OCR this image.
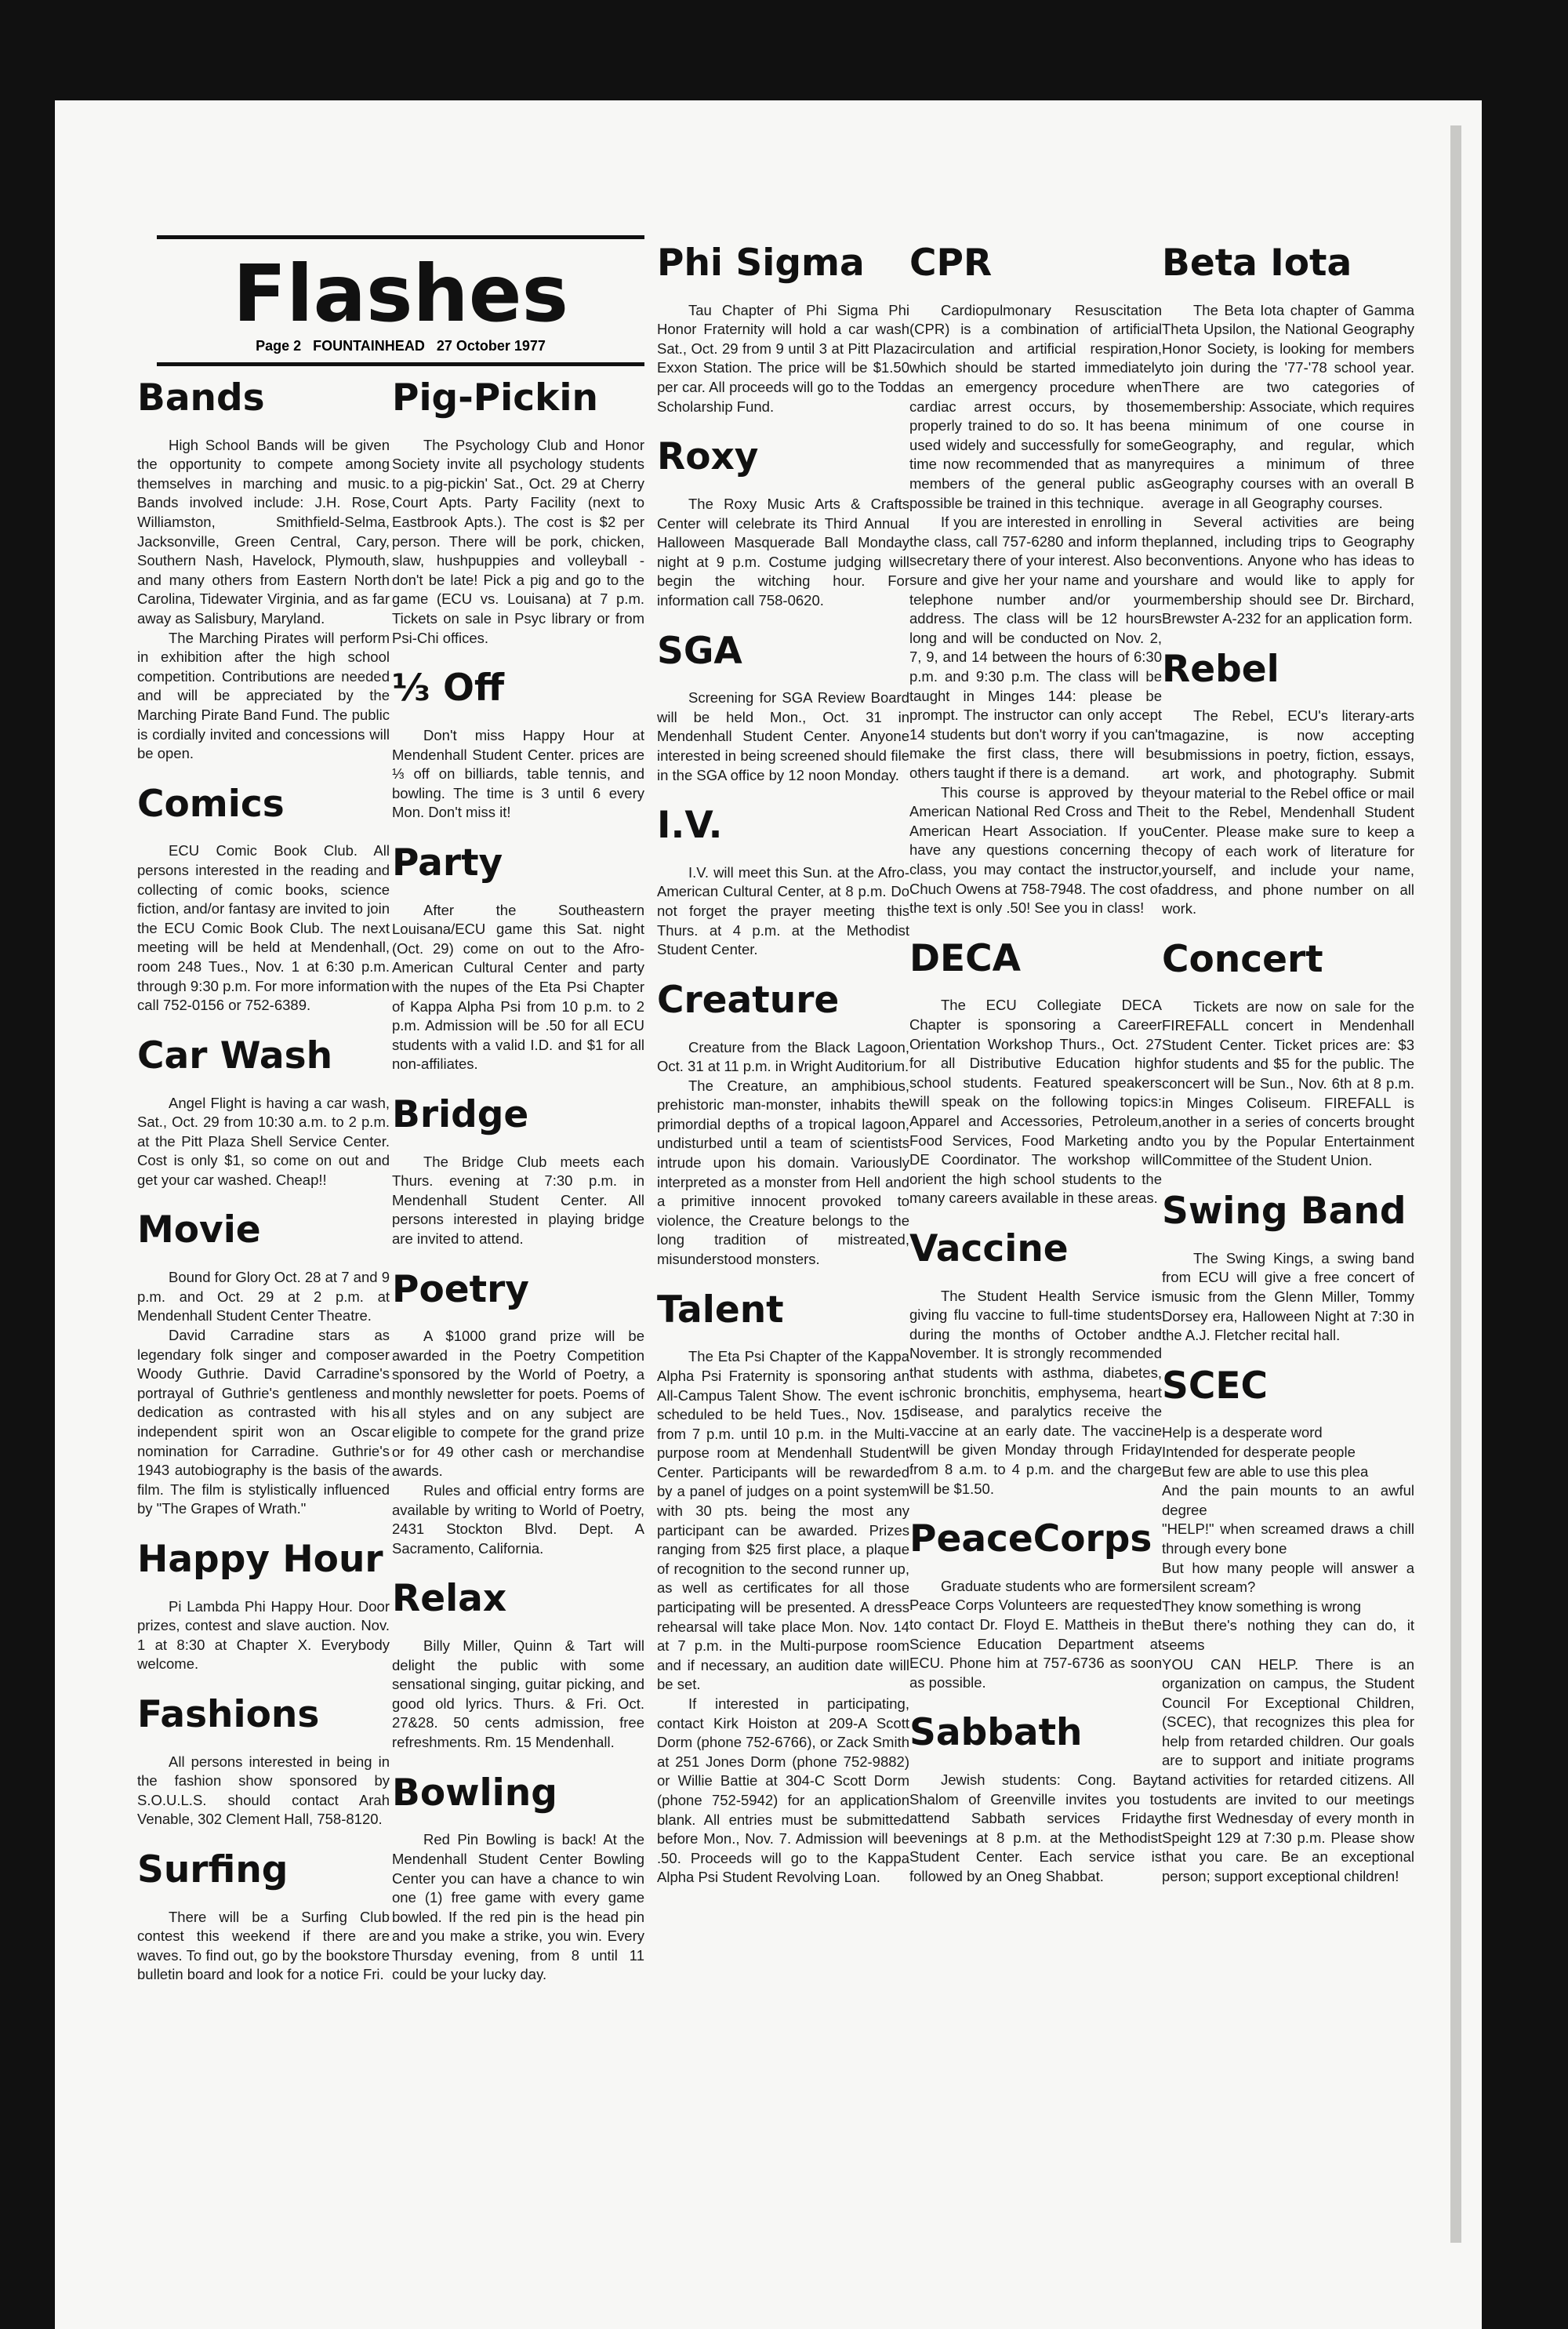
Flashes
Page 2 FOUNTAINHEAD 27 October 1977
Bands

High School Bands will be given the opportunity to compete among themselves in marching and music. Bands involved include: J.H. Rose, Williamston, Smithfield-Selma, Jacksonville, Green Central, Cary, Southern Nash, Havelock, Plymouth, and many others from Eastern North Carolina, Tidewater Virginia, and as far away as Salisbury, Maryland.

The Marching Pirates will perform in exhibition after the high school competition. Contributions are needed and will be appreciated by the Marching Pirate Band Fund. The public is cordially invited and concessions will be open.

Comics

ECU Comic Book Club. All persons interested in the reading and collecting of comic books, science fiction, and/or fantasy are invited to join the ECU Comic Book Club. The next meeting will be held at Mendenhall, room 248 Tues., Nov. 1 at 6:30 p.m. through 9:30 p.m. For more information call 752-0156 or 752-6389.

Car Wash

Angel Flight is having a car wash, Sat., Oct. 29 from 10:30 a.m. to 2 p.m. at the Pitt Plaza Shell Service Center. Cost is only $1, so come on out and get your car washed. Cheap!!

Movie

Bound for Glory Oct. 28 at 7 and 9 p.m. and Oct. 29 at 2 p.m. at Mendenhall Student Center Theatre.

David Carradine stars as legendary folk singer and composer Woody Guthrie. David Carradine's portrayal of Guthrie's gentleness and dedication as contrasted with his independent spirit won an Oscar nomination for Carradine. Guthrie's 1943 autobiography is the basis of the film. The film is stylistically influenced by "The Grapes of Wrath."

Happy Hour

Pi Lambda Phi Happy Hour. Door prizes, contest and slave auction. Nov. 1 at 8:30 at Chapter X. Everybody welcome.

Fashions

All persons interested in being in the fashion show sponsored by S.O.U.L.S. should contact Arah Venable, 302 Clement Hall, 758-8120.

Surfing

There will be a Surfing Club contest this weekend if there are waves. To find out, go by the bookstore bulletin board and look for a notice Fri.

Pig-Pickin

The Psychology Club and Honor Society invite all psychology students to a pig-pickin' Sat., Oct. 29 at Cherry Court Apts. Party Facility (next to Eastbrook Apts.). The cost is $2 per person. There will be pork, chicken, slaw, hushpuppies and volleyball - don't be late! Pick a pig and go to the game (ECU vs. Louisana) at 7 p.m. Tickets on sale in Psyc library or from Psi-Chi offices.

⅓ Off

Don't miss Happy Hour at Mendenhall Student Center. prices are ⅓ off on billiards, table tennis, and bowling. The time is 3 until 6 every Mon. Don't miss it!

Party

After the Southeastern Louisana/ECU game this Sat. night (Oct. 29) come on out to the Afro-American Cultural Center and party with the nupes of the Eta Psi Chapter of Kappa Alpha Psi from 10 p.m. to 2 p.m. Admission will be .50 for all ECU students with a valid I.D. and $1 for all non-affiliates.

Bridge

The Bridge Club meets each Thurs. evening at 7:30 p.m. in Mendenhall Student Center. All persons interested in playing bridge are invited to attend.

Poetry

A $1000 grand prize will be awarded in the Poetry Competition sponsored by the World of Poetry, a monthly newsletter for poets. Poems of all styles and on any subject are eligible to compete for the grand prize or for 49 other cash or merchandise awards.

Rules and official entry forms are available by writing to World of Poetry, 2431 Stockton Blvd. Dept. A Sacramento, California.

Relax

Billy Miller, Quinn & Tart will delight the public with some sensational singing, guitar picking, and good old lyrics. Thurs. & Fri. Oct. 27&28. 50 cents admission, free refreshments. Rm. 15 Mendenhall.

Bowling

Red Pin Bowling is back! At the Mendenhall Student Center Bowling Center you can have a chance to win one (1) free game with every game bowled. If the red pin is the head pin and you make a strike, you win. Every Thursday evening, from 8 until 11 could be your lucky day.

Phi Sigma

Tau Chapter of Phi Sigma Phi Honor Fraternity will hold a car wash Sat., Oct. 29 from 9 until 3 at Pitt Plaza Exxon Station. The price will be $1.50 per car. All proceeds will go to the Todd Scholarship Fund.

Roxy

The Roxy Music Arts & Crafts Center will celebrate its Third Annual Halloween Masquerade Ball Monday night at 9 p.m. Costume judging will begin the witching hour. For information call 758-0620.

SGA

Screening for SGA Review Board will be held Mon., Oct. 31 in Mendenhall Student Center. Anyone interested in being screened should file in the SGA office by 12 noon Monday.

I.V.

I.V. will meet this Sun. at the Afro-American Cultural Center, at 8 p.m. Do not forget the prayer meeting this Thurs. at 4 p.m. at the Methodist Student Center.

Creature

Creature from the Black Lagoon, Oct. 31 at 11 p.m. in Wright Auditorium.

The Creature, an amphibious, prehistoric man-monster, inhabits the primordial depths of a tropical lagoon, undisturbed until a team of scientists intrude upon his domain. Variously interpreted as a monster from Hell and a primitive innocent provoked to violence, the Creature belongs to the long tradition of mistreated, misunderstood monsters.

Talent

The Eta Psi Chapter of the Kappa Alpha Psi Fraternity is sponsoring an All-Campus Talent Show. The event is scheduled to be held Tues., Nov. 15 from 7 p.m. until 10 p.m. in the Multi-purpose room at Mendenhall Student Center. Participants will be rewarded by a panel of judges on a point system with 30 pts. being the most any participant can be awarded. Prizes ranging from $25 first place, a plaque of recognition to the second runner up, as well as certificates for all those participating will be presented. A dress rehearsal will take place Mon. Nov. 14 at 7 p.m. in the Multi-purpose room and if necessary, an audition date will be set.

If interested in participating, contact Kirk Hoiston at 209-A Scott Dorm (phone 752-6766), or Zack Smith at 251 Jones Dorm (phone 752-9882) or Willie Battie at 304-C Scott Dorm (phone 752-5942) for an application blank. All entries must be submitted before Mon., Nov. 7. Admission will be .50. Proceeds will go to the Kappa Alpha Psi Student Revolving Loan.

CPR

Cardiopulmonary Resuscitation (CPR) is a combination of artificial circulation and artificial respiration, which should be started immediately as an emergency procedure when cardiac arrest occurs, by those properly trained to do so. It has been used widely and successfully for some time now recommended that as many members of the general public as possible be trained in this technique.

If you are interested in enrolling in the class, call 757-6280 and inform the secretary there of your interest. Also be sure and give her your name and your telephone number and/or your address. The class will be 12 hours long and will be conducted on Nov. 2, 7, 9, and 14 between the hours of 6:30 p.m. and 9:30 p.m. The class will be taught in Minges 144: please be prompt. The instructor can only accept 14 students but don't worry if you can't make the first class, there will be others taught if there is a demand.

This course is approved by the American National Red Cross and The American Heart Association. If you have any questions concerning the class, you may contact the instructor, Chuch Owens at 758-7948. The cost of the text is only .50! See you in class!

DECA

The ECU Collegiate DECA Chapter is sponsoring a Career Orientation Workshop Thurs., Oct. 27 for all Distributive Education high school students. Featured speakers will speak on the following topics: Apparel and Accessories, Petroleum, Food Services, Food Marketing and DE Coordinator. The workshop will orient the high school students to the many careers available in these areas.

Vaccine

The Student Health Service is giving flu vaccine to full-time students during the months of October and November. It is strongly recommended that students with asthma, diabetes, chronic bronchitis, emphysema, heart disease, and paralytics receive the vaccine at an early date. The vaccine will be given Monday through Friday from 8 a.m. to 4 p.m. and the charge will be $1.50.

PeaceCorps

Graduate students who are former Peace Corps Volunteers are requested to contact Dr. Floyd E. Mattheis in the Science Education Department at ECU. Phone him at 757-6736 as soon as possible.

Sabbath

Jewish students: Cong. Bayt Shalom of Greenville invites you to attend Sabbath services Friday evenings at 8 p.m. at the Methodist Student Center. Each service is followed by an Oneg Shabbat.

Beta Iota

The Beta Iota chapter of Gamma Theta Upsilon, the National Geography Honor Society, is looking for members to join during the '77-'78 school year. There are two categories of membership: Associate, which requires a minimum of one course in Geography, and regular, which requires a minimum of three Geography courses with an overall B average in all Geography courses.

Several activities are being planned, including trips to Geography conventions. Anyone who has ideas to share and would like to apply for membership should see Dr. Birchard, Brewster A-232 for an application form.

Rebel

The Rebel, ECU's literary-arts magazine, is now accepting submissions in poetry, fiction, essays, art work, and photography. Submit your material to the Rebel office or mail it to the Rebel, Mendenhall Student Center. Please make sure to keep a copy of each work of literature for yourself, and include your name, address, and phone number on all work.

Concert

Tickets are now on sale for the FIREFALL concert in Mendenhall Student Center. Ticket prices are: $3 for students and $5 for the public. The concert will be Sun., Nov. 6th at 8 p.m. in Minges Coliseum. FIREFALL is another in a series of concerts brought to you by the Popular Entertainment Committee of the Student Union.

Swing Band

The Swing Kings, a swing band from ECU will give a free concert of music from the Glenn Miller, Tommy Dorsey era, Halloween Night at 7:30 in the A.J. Fletcher recital hall.

SCEC

Help is a desperate word

Intended for desperate people

But few are able to use this plea

And the pain mounts to an awful degree

"HELP!" when screamed draws a chill through every bone

But how many people will answer a silent scream?

They know something is wrong

But there's nothing they can do, it seems

YOU CAN HELP. There is an organization on campus, the Student Council For Exceptional Children, (SCEC), that recognizes this plea for help from retarded children. Our goals are to support and initiate programs and activities for retarded citizens. All students are invited to our meetings the first Wednesday of every month in Speight 129 at 7:30 p.m. Please show that you care. Be an exceptional person; support exceptional children!
